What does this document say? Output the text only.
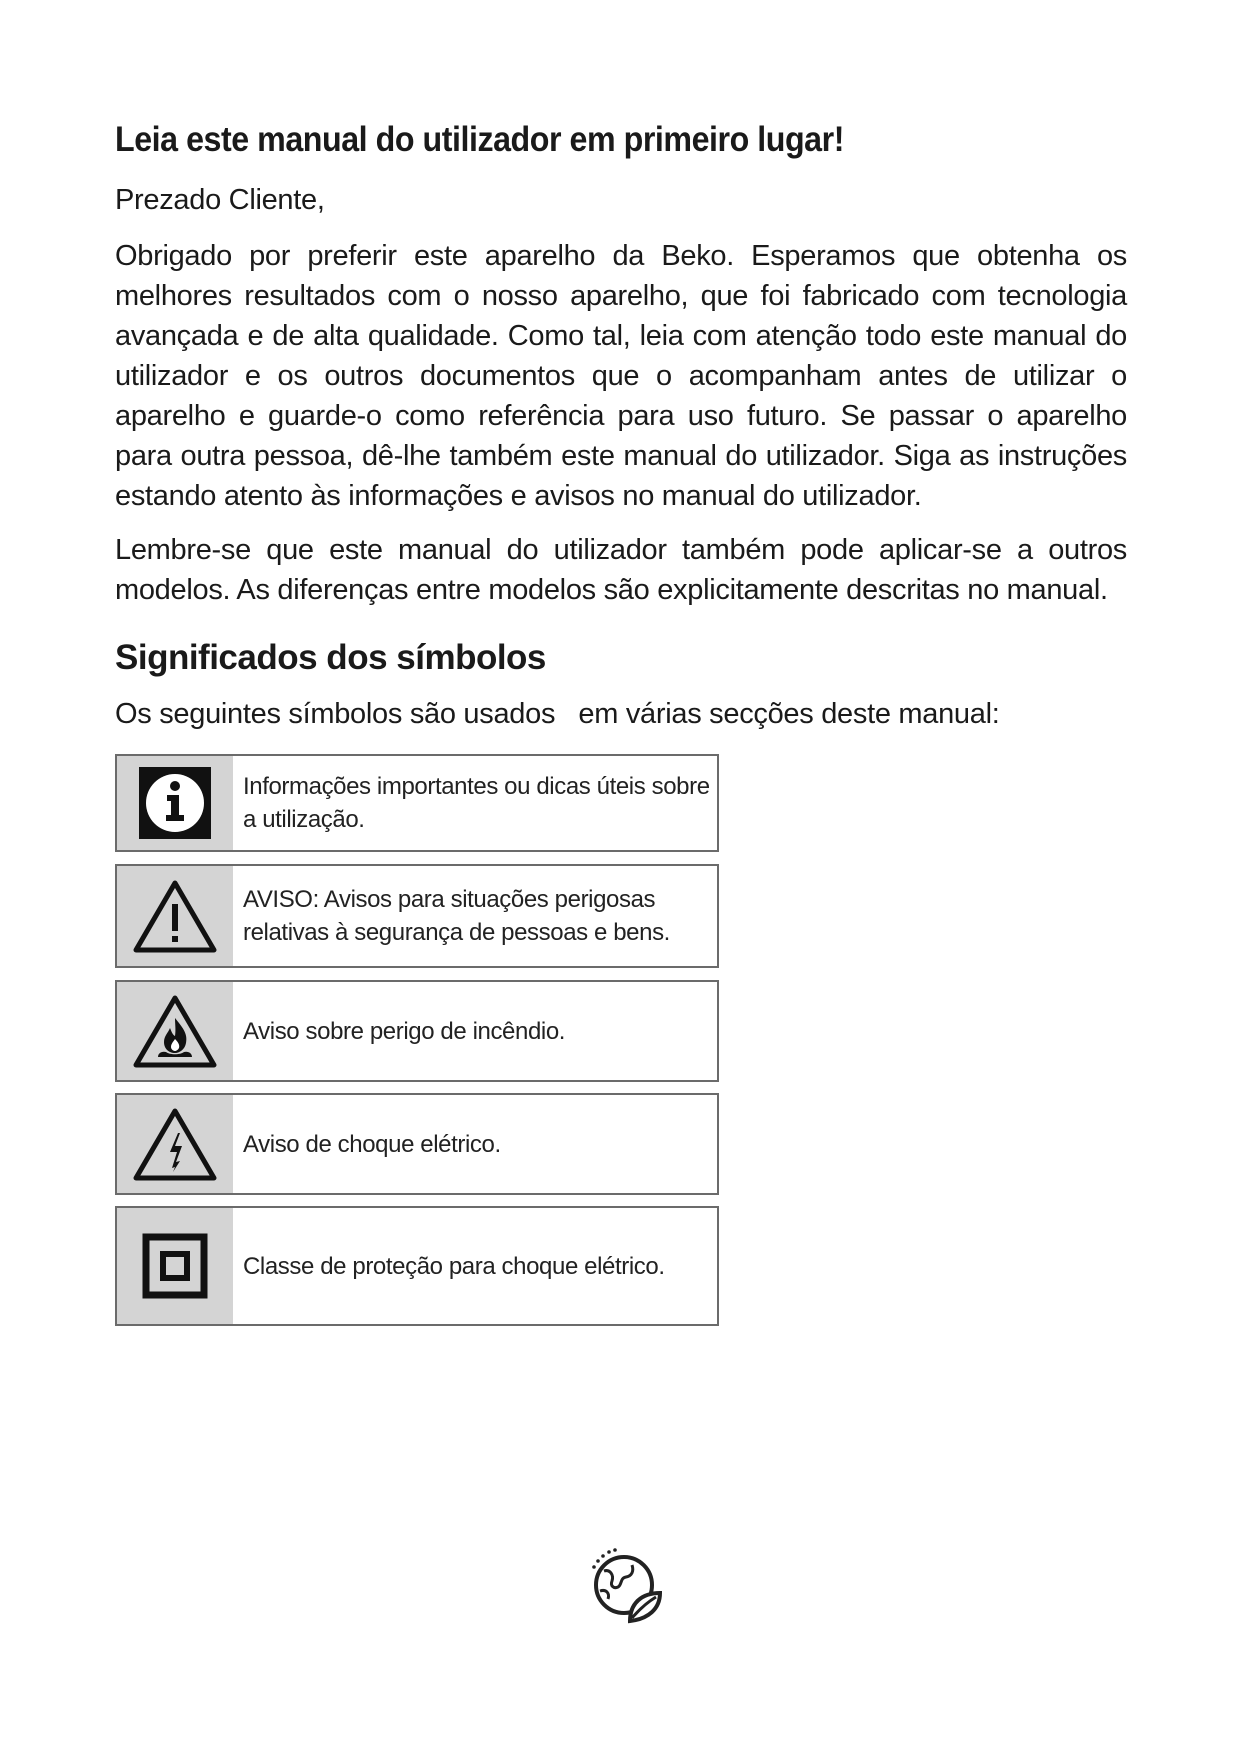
Leia este manual do utilizador em primeiro lugar!
Prezado Cliente,
Obrigado por preferir este aparelho da Beko. Esperamos que obtenha os melhores resultados com o nosso aparelho, que foi fabricado com tecnologia avançada e de alta qualidade. Como tal, leia com atenção todo este manual do utilizador e os outros documentos que o acompanham antes de utilizar o aparelho e guarde-o como referência para uso futuro. Se passar o aparelho para outra pessoa, dê-lhe também este manual do utilizador. Siga as instruções estando atento às informações e avisos no manual do utilizador.
Lembre-se que este manual do utilizador também pode aplicar-se a outros modelos. As diferenças entre modelos são explicitamente descritas no manual.
Significados dos símbolos
Os seguintes símbolos são usados   em várias secções deste manual:
Informações importantes ou dicas úteis sobre a utilização.
AVISO: Avisos para situações perigosas relativas à segurança de pessoas e bens.
Aviso sobre perigo de incêndio.
Aviso de choque elétrico.
Classe de proteção para choque elétrico.
